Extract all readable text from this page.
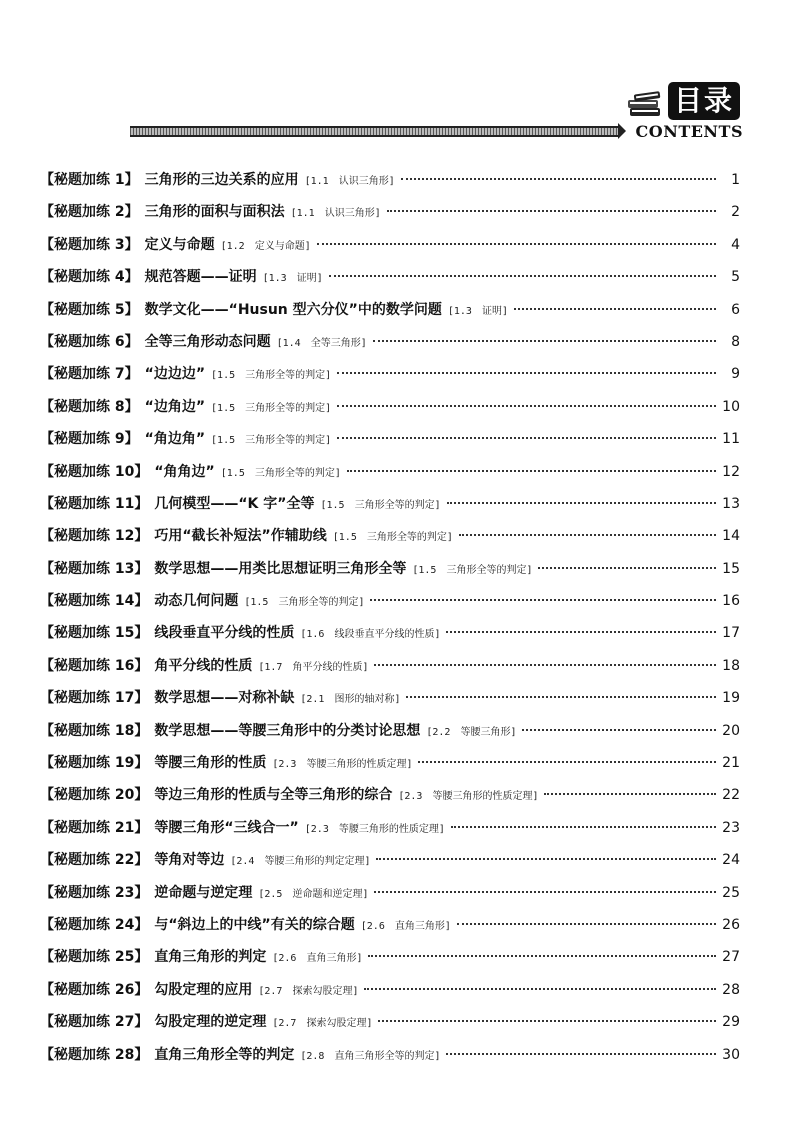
目录
CONTENTS
【秘题加练 1】 三角形的三边关系的应用 [1.1　认识三角形]	1
【秘题加练 2】 三角形的面积与面积法 [1.1　认识三角形]	2
【秘题加练 3】 定义与命题 [1.2　定义与命题]	4
【秘题加练 4】 规范答题——证明 [1.3　证明]	5
【秘题加练 5】 数学文化——“Husun 型六分仪”中的数学问题 [1.3　证明]	6
【秘题加练 6】 全等三角形动态问题 [1.4　全等三角形]	8
【秘题加练 7】 “边边边” [1.5　三角形全等的判定]	9
【秘题加练 8】 “边角边” [1.5　三角形全等的判定]	10
【秘题加练 9】 “角边角” [1.5　三角形全等的判定]	11
【秘题加练 10】 “角角边” [1.5　三角形全等的判定]	12
【秘题加练 11】 几何模型——“K 字”全等 [1.5　三角形全等的判定]	13
【秘题加练 12】 巧用“截长补短法”作辅助线 [1.5　三角形全等的判定]	14
【秘题加练 13】 数学思想——用类比思想证明三角形全等 [1.5　三角形全等的判定]	15
【秘题加练 14】 动态几何问题 [1.5　三角形全等的判定]	16
【秘题加练 15】 线段垂直平分线的性质 [1.6　线段垂直平分线的性质]	17
【秘题加练 16】 角平分线的性质 [1.7　角平分线的性质]	18
【秘题加练 17】 数学思想——对称补缺 [2.1　图形的轴对称]	19
【秘题加练 18】 数学思想——等腰三角形中的分类讨论思想 [2.2　等腰三角形]	20
【秘题加练 19】 等腰三角形的性质 [2.3　等腰三角形的性质定理]	21
【秘题加练 20】 等边三角形的性质与全等三角形的综合 [2.3　等腰三角形的性质定理]	22
【秘题加练 21】 等腰三角形“三线合一” [2.3　等腰三角形的性质定理]	23
【秘题加练 22】 等角对等边 [2.4　等腰三角形的判定定理]	24
【秘题加练 23】 逆命题与逆定理 [2.5　逆命题和逆定理]	25
【秘题加练 24】 与“斜边上的中线”有关的综合题 [2.6　直角三角形]	26
【秘题加练 25】 直角三角形的判定 [2.6　直角三角形]	27
【秘题加练 26】 勾股定理的应用 [2.7　探索勾股定理]	28
【秘题加练 27】 勾股定理的逆定理 [2.7　探索勾股定理]	29
【秘题加练 28】 直角三角形全等的判定 [2.8　直角三角形全等的判定]	30
